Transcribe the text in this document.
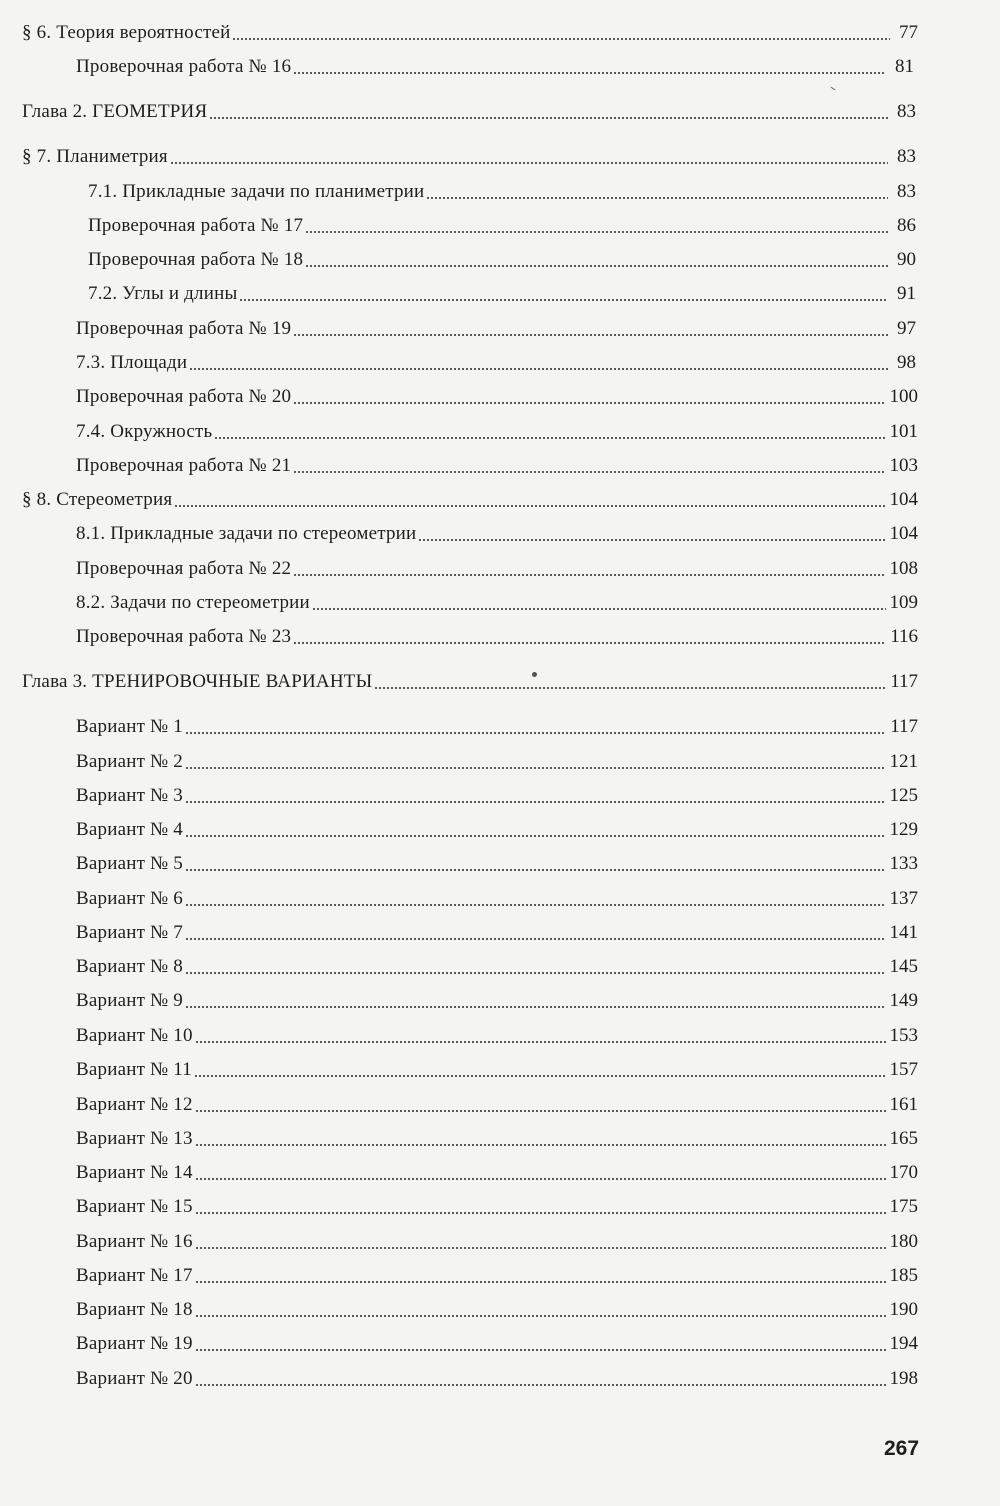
§ 6. Теория вероятностей	77
Проверочная работа № 16	81
Глава 2. ГЕОМЕТРИЯ	83
§ 7. Планиметрия	83
7.1. Прикладные задачи по планиметрии	83
Проверочная работа № 17	86
Проверочная работа № 18	90
7.2. Углы и длины	91
Проверочная работа № 19	97
7.3. Площади	98
Проверочная работа № 20	100
7.4. Окружность	101
Проверочная работа № 21	103
§ 8. Стереометрия	104
8.1. Прикладные задачи по стереометрии	104
Проверочная работа № 22	108
8.2. Задачи по стереометрии	109
Проверочная работа № 23	116
Глава 3. ТРЕНИРОВОЧНЫЕ ВАРИАНТЫ	117
Вариант № 1	117
Вариант № 2	121
Вариант № 3	125
Вариант № 4	129
Вариант № 5	133
Вариант № 6	137
Вариант № 7	141
Вариант № 8	145
Вариант № 9	149
Вариант № 10	153
Вариант № 11	157
Вариант № 12	161
Вариант № 13	165
Вариант № 14	170
Вариант № 15	175
Вариант № 16	180
Вариант № 17	185
Вариант № 18	190
Вариант № 19	194
Вариант № 20	198
267
